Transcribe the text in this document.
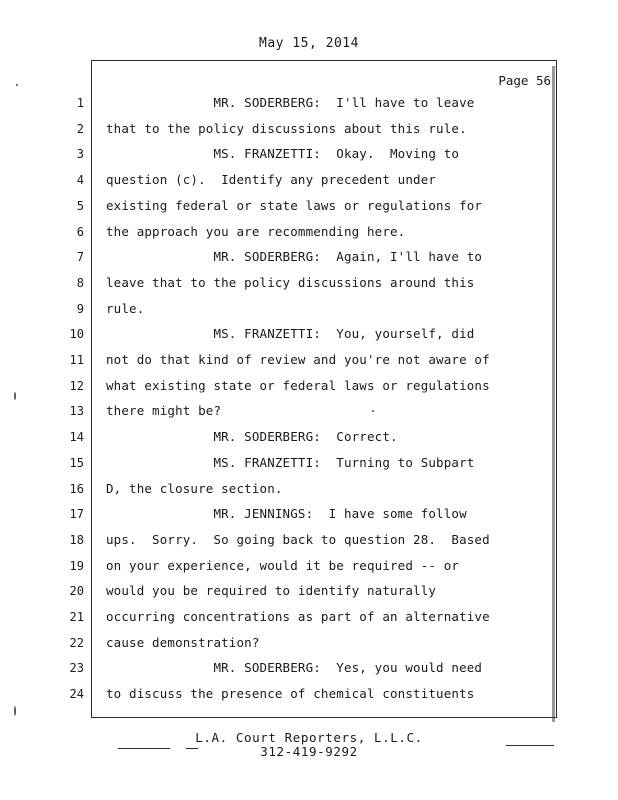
May 15, 2014
Page 56
1 MR. SODERBERG:  I'll have to leave
2 that to the policy discussions about this rule.
3 MS. FRANZETTI:  Okay.  Moving to
4 question (c).  Identify any precedent under
5 existing federal or state laws or regulations for
6 the approach you are recommending here.
7 MR. SODERBERG:  Again, I'll have to
8 leave that to the policy discussions around this
9 rule.
10 MS. FRANZETTI:  You, yourself, did
11 not do that kind of review and you're not aware of
12 what existing state or federal laws or regulations
13 there might be?
14 MR. SODERBERG:  Correct.
15 MS. FRANZETTI:  Turning to Subpart
16 D, the closure section.
17 MR. JENNINGS:  I have some follow
18 ups.  Sorry.  So going back to question 28.  Based
19 on your experience, would it be required -- or
20 would you be required to identify naturally
21 occurring concentrations as part of an alternative
22 cause demonstration?
23 MR. SODERBERG:  Yes, you would need
24 to discuss the presence of chemical constituents
L.A. Court Reporters, L.L.C.
312-419-9292
